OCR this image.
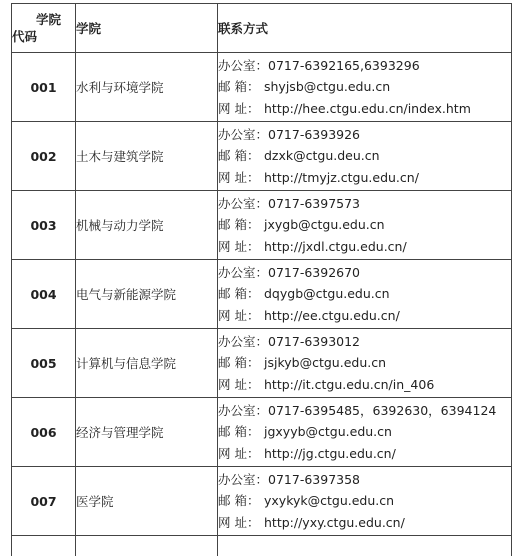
学院
代码	学院	联系方式
001	水利与环境学院	办公室：0717-6392165,6393296
邮 箱： shyjsb@ctgu.edu.cn
网 址： http://hee.ctgu.edu.cn/index.htm

002	土木与建筑学院	办公室：0717-6393926
邮 箱： dzxk@ctgu.deu.cn
网 址： http://tmyjz.ctgu.edu.cn/

003	机械与动力学院	办公室：0717-6397573
邮 箱： jxygb@ctgu.edu.cn
网 址： http://jxdl.ctgu.edu.cn/

004	电气与新能源学院	办公室：0717-6392670
邮 箱： dqygb@ctgu.edu.cn
网 址： http://ee.ctgu.edu.cn/

005	计算机与信息学院	办公室：0717-6393012
邮 箱： jsjkyb@ctgu.edu.cn
网 址： http://it.ctgu.edu.cn/in_406

006	经济与管理学院	办公室：0717-6395485，6392630，6394124
邮 箱： jgxyyb@ctgu.edu.cn
网 址： http://jg.ctgu.edu.cn/

007	医学院	办公室：0717-6397358
邮 箱： yxykyk@ctgu.edu.cn
网 址： http://yxy.ctgu.edu.cn/
